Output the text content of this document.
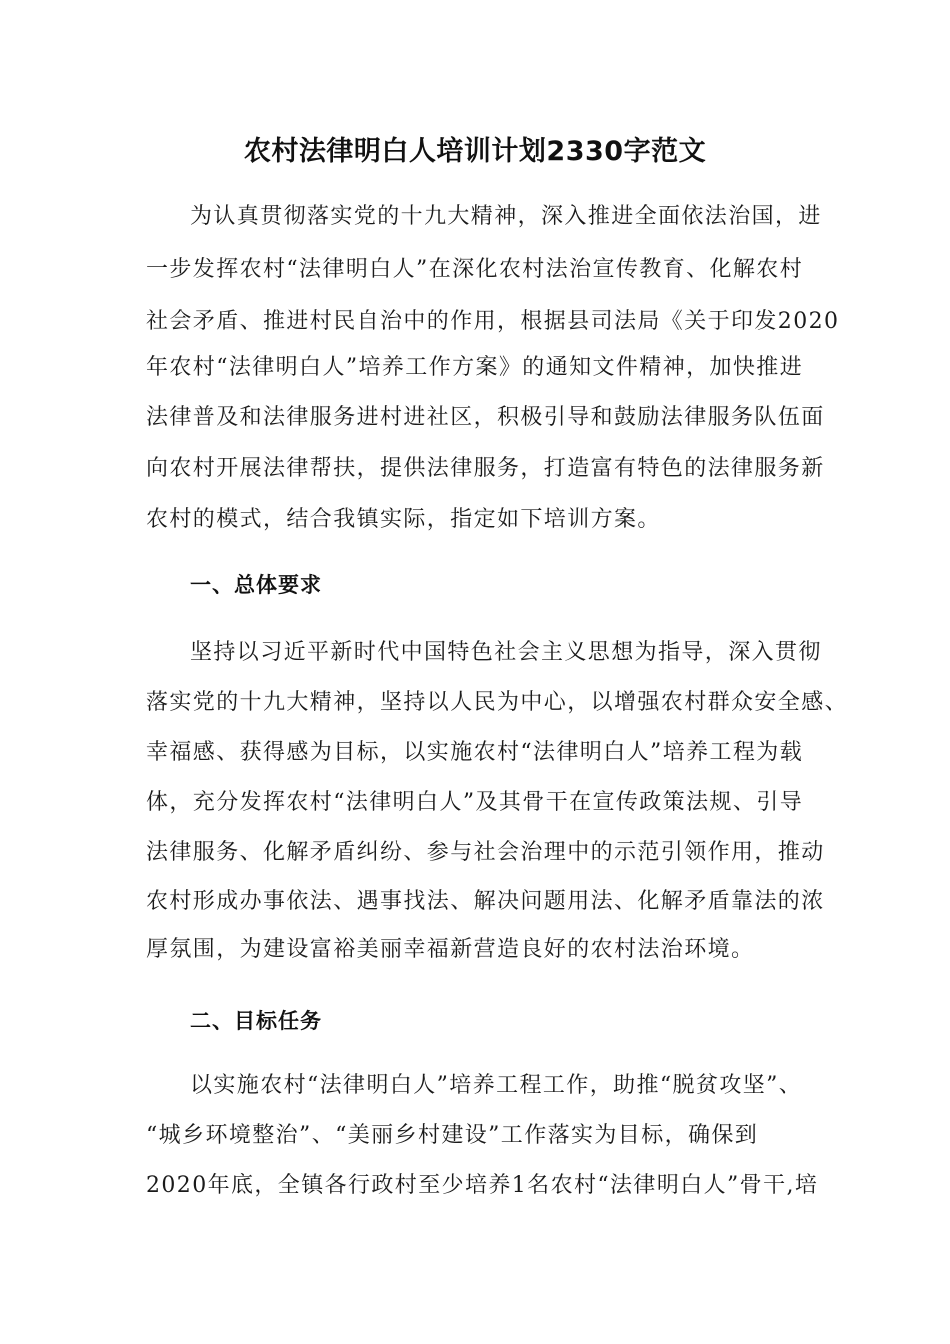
农村法律明白人培训计划2330字范文
为认真贯彻落实党的十九大精神，深入推进全面依法治国，进
一步发挥农村“法律明白人”在深化农村法治宣传教育、化解农村
社会矛盾、推进村民自治中的作用，根据县司法局《关于印发2020
年农村“法律明白人”培养工作方案》的通知文件精神，加快推进
法律普及和法律服务进村进社区，积极引导和鼓励法律服务队伍面
向农村开展法律帮扶，提供法律服务，打造富有特色的法律服务新
农村的模式，结合我镇实际，指定如下培训方案。
一、总体要求
坚持以习近平新时代中国特色社会主义思想为指导，深入贯彻
落实党的十九大精神，坚持以人民为中心，以增强农村群众安全感、
幸福感、获得感为目标，以实施农村“法律明白人”培养工程为载
体，充分发挥农村“法律明白人”及其骨干在宣传政策法规、引导
法律服务、化解矛盾纠纷、参与社会治理中的示范引领作用，推动
农村形成办事依法、遇事找法、解决问题用法、化解矛盾靠法的浓
厚氛围，为建设富裕美丽幸福新营造良好的农村法治环境。
二、目标任务
以实施农村“法律明白人”培养工程工作，助推“脱贫攻坚”、
“城乡环境整治”、“美丽乡村建设”工作落实为目标，确保到
2020年底，全镇各行政村至少培养1名农村“法律明白人”骨干,培
